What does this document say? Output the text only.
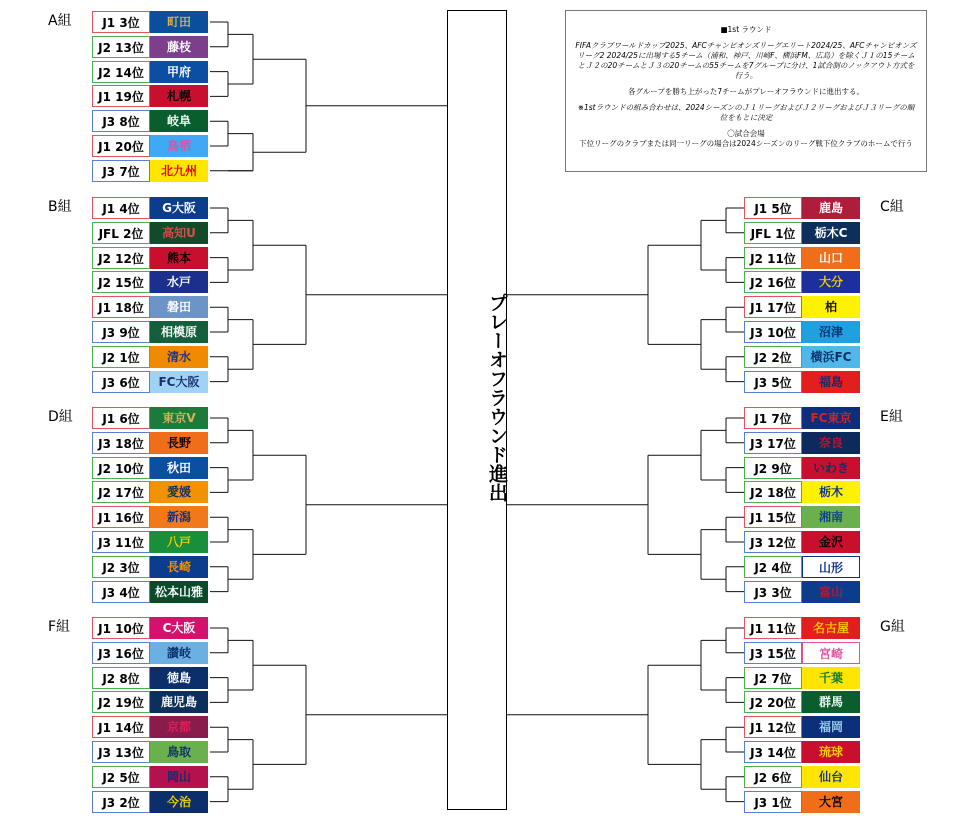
A組	J1 3位	町田
J2 13位	藤枝
J2 14位	甲府
J1 19位	札幌
J3 8位	岐阜
J1 20位	鳥栖
J3 7位	北九州
B組	J1 4位	G大阪
JFL 2位	高知U
J2 12位	熊本
J2 15位	水戸
J1 18位	磐田
J3 9位	相模原
J2 1位	清水
J3 6位	FC大阪
D組	J1 6位	東京V
J3 18位	長野
J2 10位	秋田
J2 17位	愛媛
J1 16位	新潟
J3 11位	八戸
J2 3位	長崎
J3 4位	松本山雅
F組	J1 10位	C大阪
J3 16位	讃岐
J2 8位	徳島
J2 19位	鹿児島
J1 14位	京都
J3 13位	鳥取
J2 5位	岡山
J3 2位	今治
C組
J1 5位	鹿島
JFL 1位	栃木C
J2 11位	山口
J2 16位	大分
J1 17位	柏
J3 10位	沼津
J2 2位	横浜FC
J3 5位	福島
E組
J1 7位	FC東京
J3 17位	奈良
J2 9位	いわき
J2 18位	栃木
J1 15位	湘南
J3 12位	金沢
J2 4位	山形
J3 3位	富山
G組
J1 11位	名古屋
J3 15位	宮崎
J2 7位	千葉
J2 20位	群馬
J1 12位	福岡
J3 14位	琉球
J2 6位	仙台
J3 1位	大宮
プレーオフラウンド進出

■1st ラウンド

FIFAクラブワールドカップ2025、AFCチャンピオンズリーグエリート2024/25、AFCチャンピオンズリーグ2 2024/25に出場する5チーム（浦和、神戸、川崎F、横浜FM、広島）を除くＪ１の15チームとＪ２の20チームとＪ３の20チームの55チームを7グループに分け、1試合制のノックアウト方式を行う。

各グループを勝ち上がった7チームがプレーオフラウンドに進出する。

※1stラウンドの組み合わせは、2024シーズンのＪ１リーグおよびＪ２リーグおよびＪ３リーグの順位をもとに決定

〇試合会場

下位リーグのクラブまたは同一リーグの場合は2024シーズンのリーグ戦下位クラブのホームで行う
